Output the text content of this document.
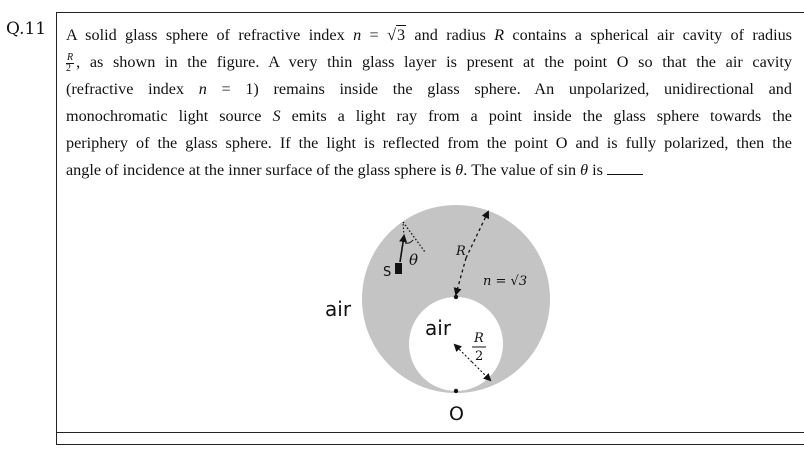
Q.11 A solid glass sphere of refractive index n = √3 and radius R contains a spherical air cavity of radius
$\frac{R}{2}$ , as shown in the figure. A very thin glass layer is present at the point O so that the air cavity
(refractive index n = 1) remains inside the glass sphere. An unpolarized, unidirectional and
monochromatic light source S emits a light ray from a point inside the glass sphere towards the
periphery of the glass sphere. If the light is reflected from the point O and is fully polarized, then the
angle of incidence at the inner surface of the glass sphere is θ. The value of sin θ is
air
air
S
θ	R
n = √3
R
2
O
